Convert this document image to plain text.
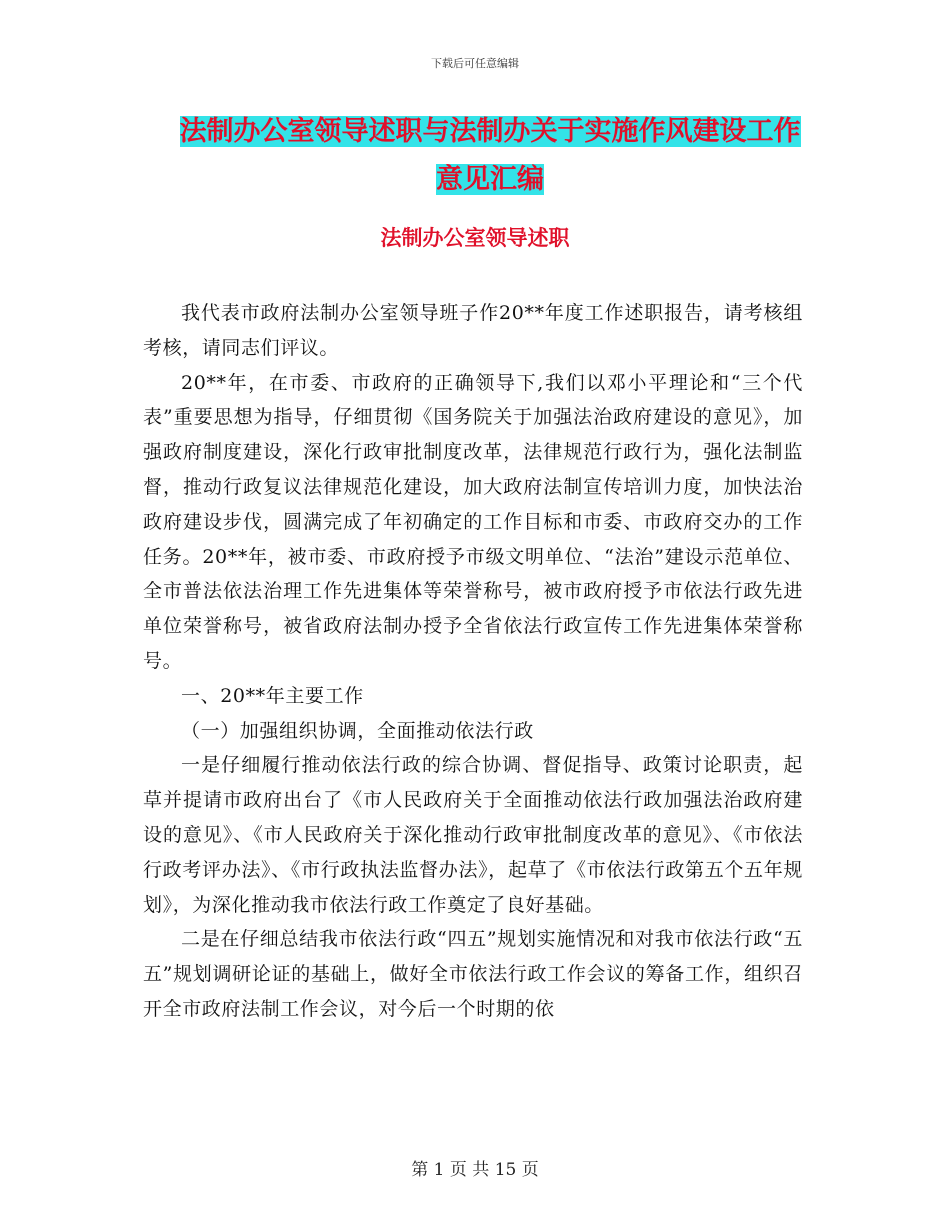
下载后可任意编辑
法制办公室领导述职与法制办关于实施作风建设工作
意见汇编
法制办公室领导述职

我代表市政府法制办公室领导班子作20**年度工作述职报告，请考核组考核，请同志们评议。

20**年，在市委、市政府的正确领导下,我们以邓小平理论和“三个代表”重要思想为指导，仔细贯彻《国务院关于加强法治政府建设的意见》，加强政府制度建设，深化行政审批制度改革，法律规范行政行为，强化法制监督，推动行政复议法律规范化建设，加大政府法制宣传培训力度，加快法治政府建设步伐，圆满完成了年初确定的工作目标和市委、市政府交办的工作任务。20**年，被市委、市政府授予市级文明单位、“法治”建设示范单位、全市普法依法治理工作先进集体等荣誉称号，被市政府授予市依法行政先进单位荣誉称号，被省政府法制办授予全省依法行政宣传工作先进集体荣誉称号。

一、20**年主要工作

（一）加强组织协调，全面推动依法行政

一是仔细履行推动依法行政的综合协调、督促指导、政策讨论职责，起草并提请市政府出台了《市人民政府关于全面推动依法行政加强法治政府建设的意见》、《市人民政府关于深化推动行政审批制度改革的意见》、《市依法行政考评办法》、《市行政执法监督办法》，起草了《市依法行政第五个五年规划》，为深化推动我市依法行政工作奠定了良好基础。

二是在仔细总结我市依法行政“四五”规划实施情况和对我市依法行政“五五”规划调研论证的基础上，做好全市依法行政工作会议的筹备工作，组织召开全市政府法制工作会议，对今后一个时期的依

第 1 页 共 15 页
